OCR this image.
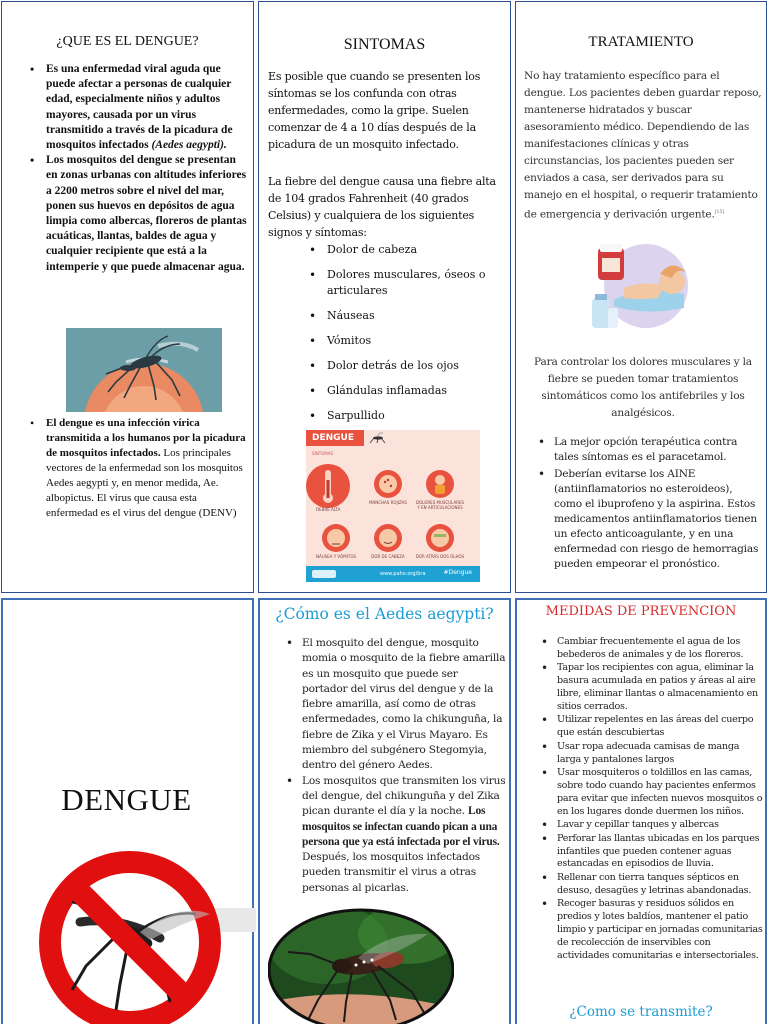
¿QUE ES EL DENGUE?
• Es una enfermedad viral aguda que puede afectar a personas de cualquier edad, especialmente niños y adultos mayores, causada por un virus transmitido a través de la picadura de mosquitos infectados (Aedes aegypti).
• Los mosquitos del dengue se presentan en zonas urbanas con altitudes inferiores a 2200 metros sobre el nivel del mar, ponen sus huevos en depósitos de agua limpia como albercas, floreros de plantas acuáticas, llantas, baldes de agua y cualquier recipiente que está a la intemperie y que puede almacenar agua.
• El dengue es una infección vírica transmitida a los humanos por la picadura de mosquitos infectados. Los principales vectores de la enfermedad son los mosquitos Aedes aegypti y, en menor medida, Ae. albopictus. El virus que causa esta enfermedad es el virus del dengue (DENV)
SINTOMAS

Es posible que cuando se presenten los síntomas se los confunda con otras enfermedades, como la gripe. Suelen comenzar de 4 a 10 días después de la picadura de un mosquito infectado.

La fiebre del dengue causa una fiebre alta de 104 grados Fahrenheit (40 grados Celsius) y cualquiera de los siguientes signos y síntomas:

• Dolor de cabeza
• Dolores musculares, óseos o articulares
• Náuseas
• Vómitos
• Dolor detrás de los ojos
• Glándulas inflamadas
• Sarpullido
DENGUE
SÍNTOMAS
FIEBRE ALTA
MANCHAS ROJIZAS	DOLORES MUSCULARES Y EN ARTICULACIONES
NÁUSEA Y VÓMITOS	DOR DE CABEZA	DOR ATRÁS DOS OLHOS
www.paho.org/bra	#Dengue
TRATAMIENTO

No hay tratamiento específico para el dengue. Los pacientes deben guardar reposo, mantenerse hidratados y buscar asesoramiento médico. Dependiendo de las manifestaciones clínicas y otras circunstancias, los pacientes pueden ser enviados a casa, ser derivados para su manejo en el hospital, o requerir tratamiento de emergencia y derivación urgente.[15]

Para controlar los dolores musculares y la fiebre se pueden tomar tratamientos sintomáticos como los antifebriles y los analgésicos.

• La mejor opción terapéutica contra tales síntomas es el paracetamol.
• Deberían evitarse los AINE (antiinflamatorios no esteroideos), como el ibuprofeno y la aspirina. Estos medicamentos antiinflamatorios tienen un efecto anticoagulante, y en una enfermedad con riesgo de hemorragias pueden empeorar el pronóstico.
DENGUE
¿Cómo es el Aedes aegypti?
• El mosquito del dengue, mosquito momia o mosquito de la fiebre amarilla es un mosquito que puede ser portador del virus del dengue y de la fiebre amarilla, así como de otras enfermedades, como la chikunguña, la fiebre de Zika y el Virus Mayaro. Es miembro del subgénero Stegomyia, dentro del género Aedes.
• Los mosquitos que transmiten los virus del dengue, del chikunguña y del Zika pican durante el día y la noche. Los mosquitos se infectan cuando pican a una persona que ya está infectada por el virus. Después, los mosquitos infectados pueden transmitir el virus a otras personas al picarlas.
MEDIDAS DE PREVENCION
• Cambiar frecuentemente el agua de los bebederos de animales y de los floreros.
• Tapar los recipientes con agua, eliminar la basura acumulada en patios y áreas al aire libre, eliminar llantas o almacenamiento en sitios cerrados.
• Utilizar repelentes en las áreas del cuerpo que están descubiertas
• Usar ropa adecuada camisas de manga larga y pantalones largos
• Usar mosquiteros o toldillos en las camas, sobre todo cuando hay pacientes enfermos para evitar que infecten nuevos mosquitos o en los lugares donde duermen los niños.
• Lavar y cepillar tanques y albercas
• Perforar las llantas ubicadas en los parques infantiles que pueden contener aguas estancadas en episodios de lluvia.
• Rellenar con tierra tanques sépticos en desuso, desagües y letrinas abandonadas.
• Recoger basuras y residuos sólidos en predios y lotes baldíos, mantener el patio limpio y participar en jornadas comunitarias de recolección de inservibles con actividades comunitarias e intersectoriales.
¿Como se transmite?
